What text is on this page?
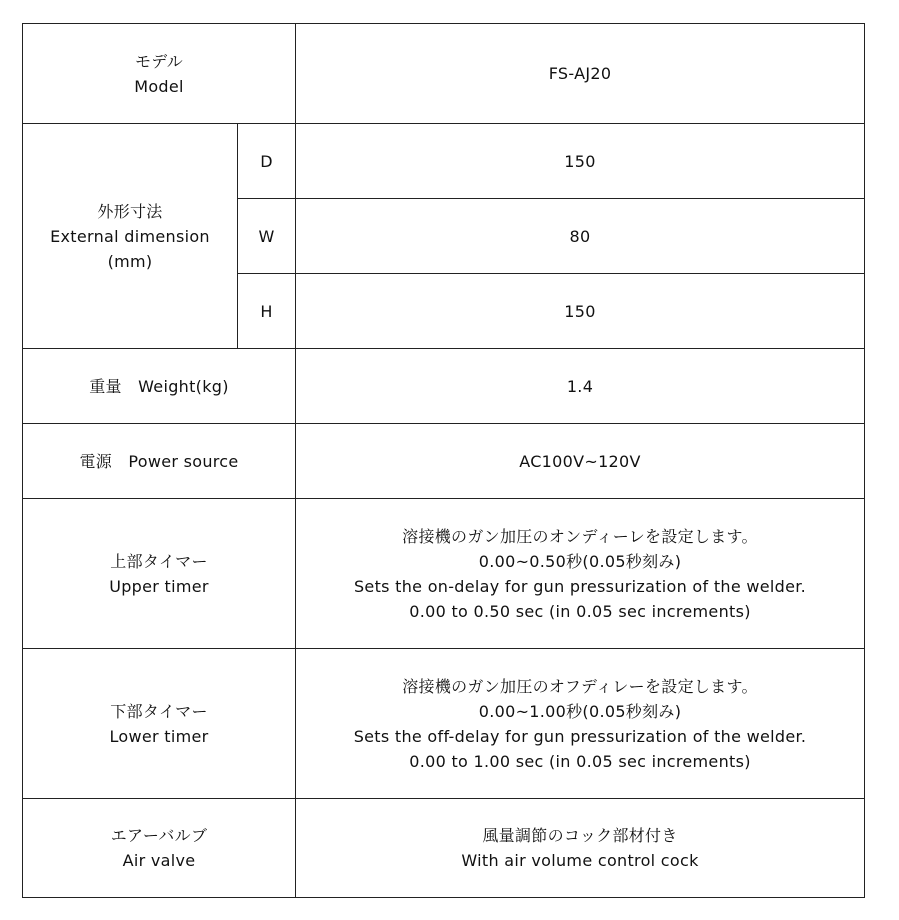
モデル
Model		FS-AJ20

外形寸法
External dimension
(mm)	D	150
	W	80
	H	150
重量　Weight(kg)		1.4
電源　Power source		AC100V~120V

上部タイマー
Upper timer		溶接機のガン加圧のオンディーレを設定します。
0.00~0.50秒(0.05秒刻み)
Sets the on-delay for gun pressurization of the welder.
0.00 to 0.50 sec (in 0.05 sec increments)

下部タイマー
Lower timer		溶接機のガン加圧のオフディレーを設定します。
0.00~1.00秒(0.05秒刻み)
Sets the off-delay for gun pressurization of the welder.
0.00 to 1.00 sec (in 0.05 sec increments)

エアーバルブ
Air valve		風量調節のコック部材付き
With air volume control cock
